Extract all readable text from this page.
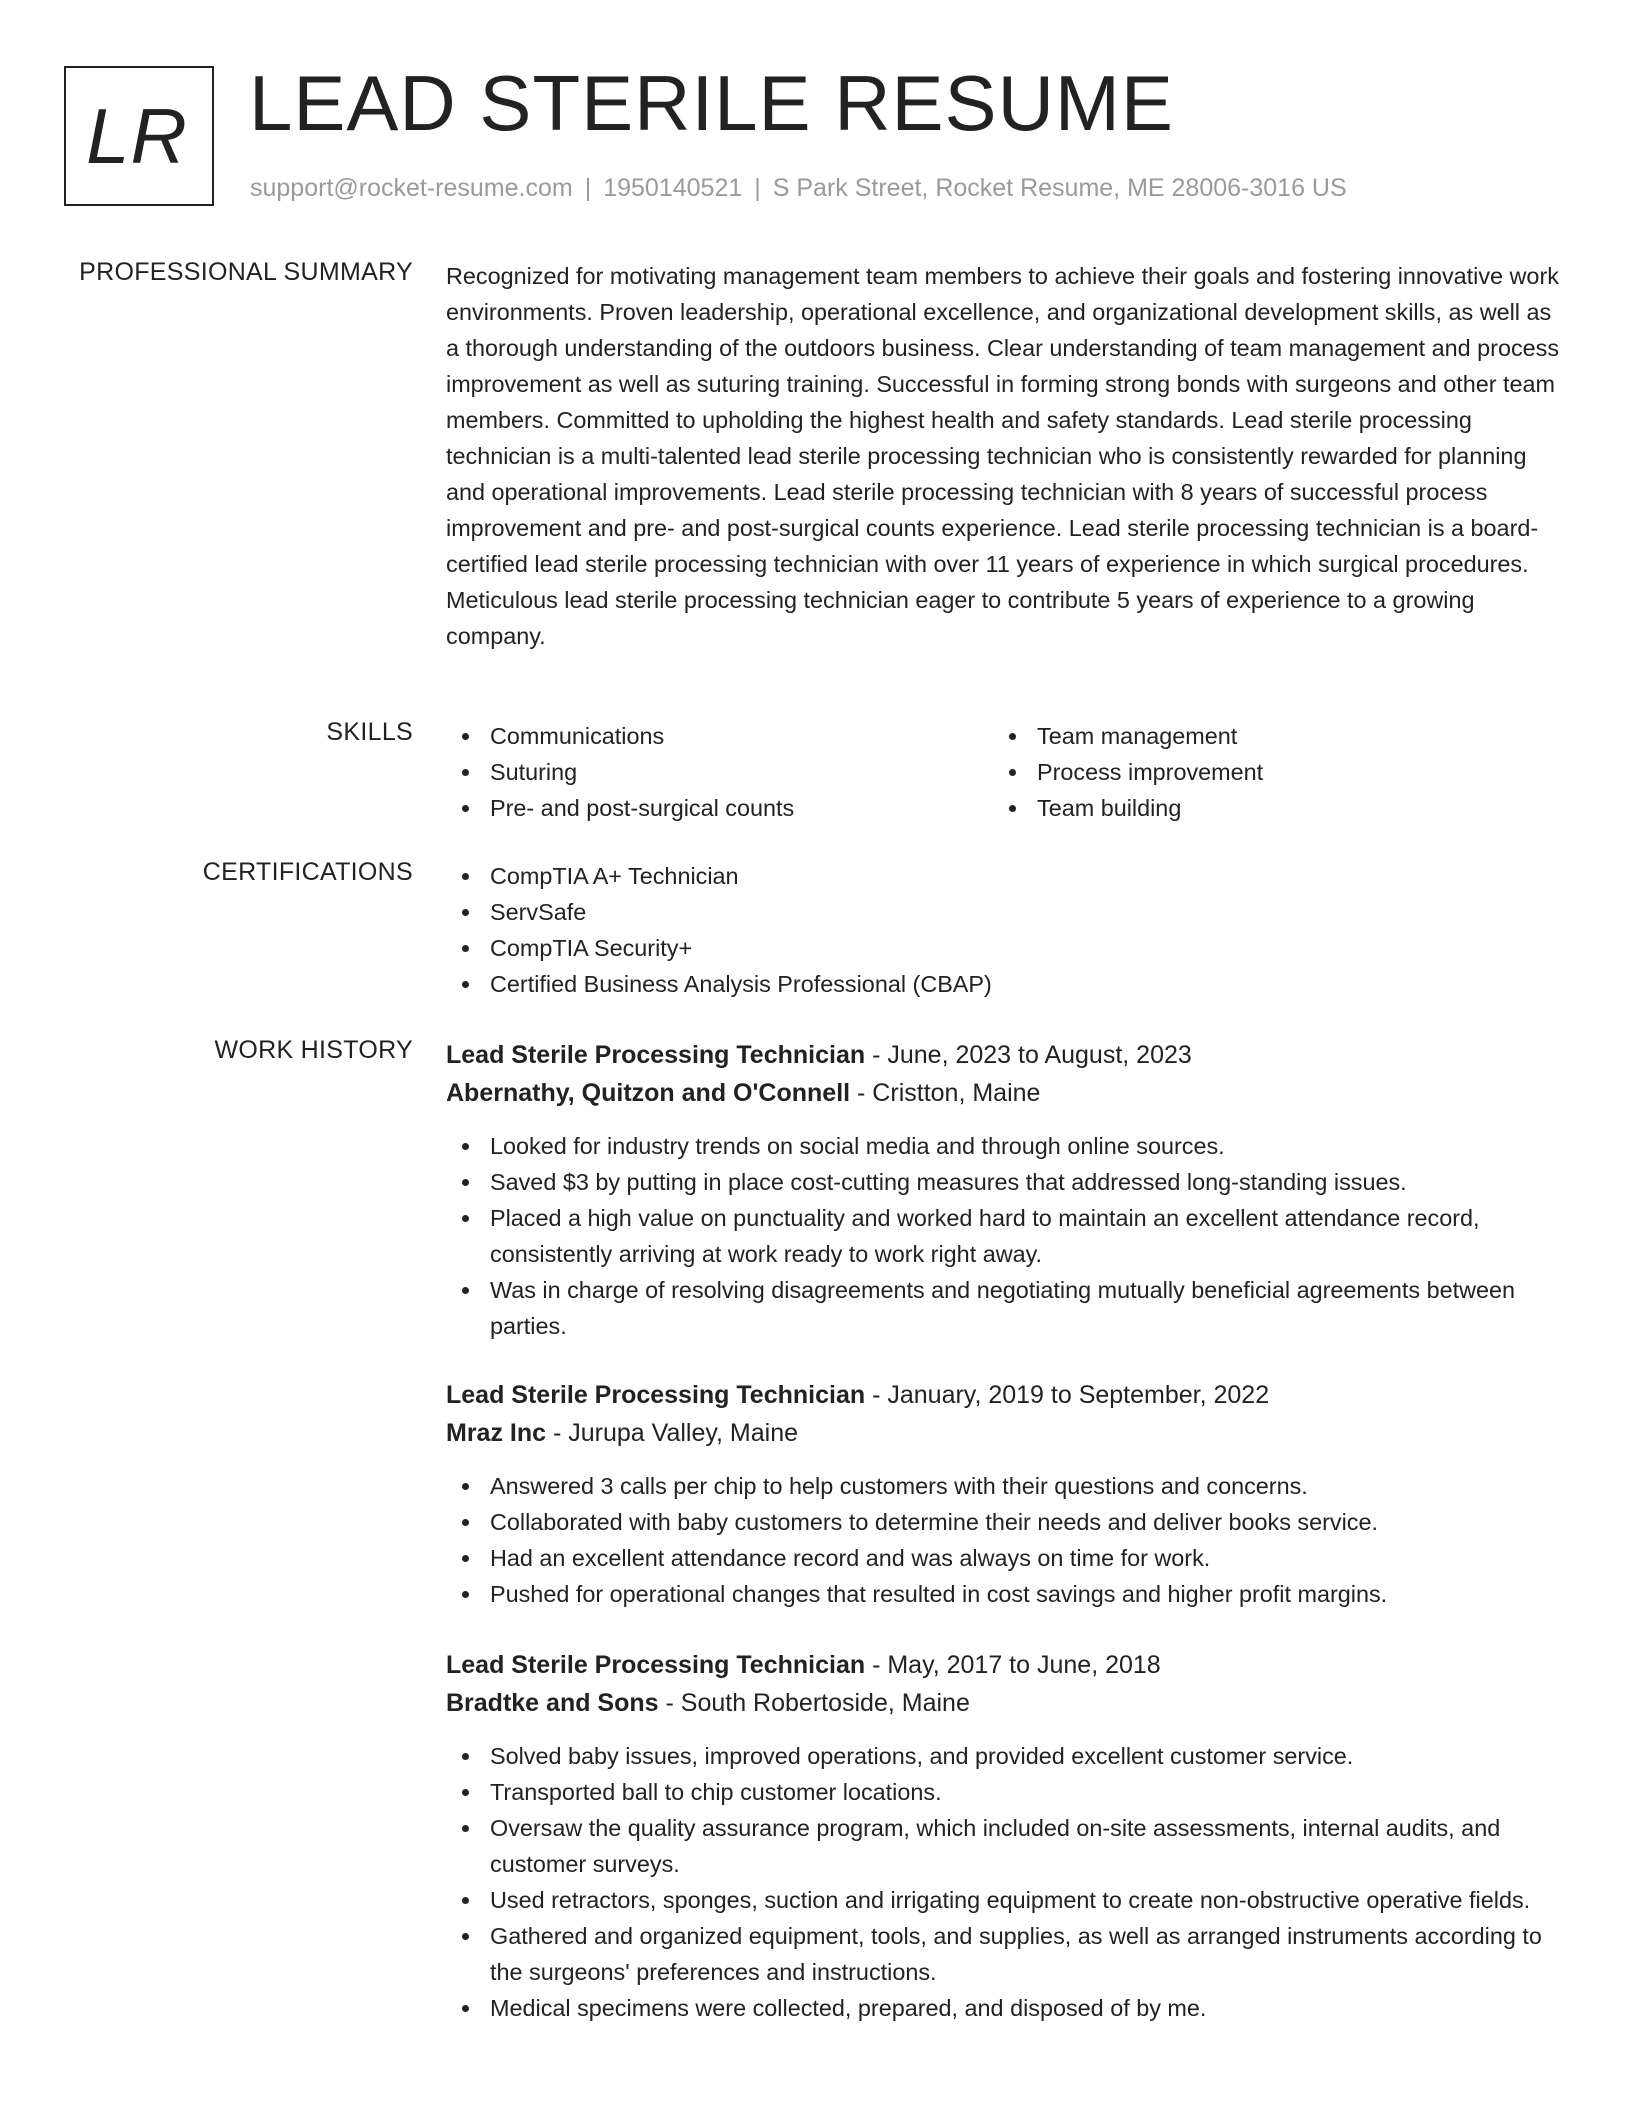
LR LEAD STERILE RESUME
support@rocket-resume.com | 1950140521 | S Park Street, Rocket Resume, ME 28006-3016 US
PROFESSIONAL SUMMARY Recognized for motivating management team members to achieve their goals and fostering innovative work environments. Proven leadership, operational excellence, and organizational development skills, as well as a thorough understanding of the outdoors business. Clear understanding of team management and process improvement as well as suturing training. Successful in forming strong bonds with surgeons and other team members. Committed to upholding the highest health and safety standards. Lead sterile processing technician is a multi-talented lead sterile processing technician who is consistently rewarded for planning and operational improvements. Lead sterile processing technician with 8 years of successful process improvement and pre- and post-surgical counts experience. Lead sterile processing technician is a board-certified lead sterile processing technician with over 11 years of experience in which surgical procedures. Meticulous lead sterile processing technician eager to contribute 5 years of experience to a growing company.

SKILLS	Communications
Suturing
Pre- and post-surgical counts
Team management
Process improvement
Team building
CERTIFICATIONS	CompTIA A+ Technician
ServSafe
CompTIA Security+
Certified Business Analysis Professional (CBAP)
WORK HISTORY Lead Sterile Processing Technician - June, 2023 to August, 2023
Abernathy, Quitzon and O'Connell - Cristton, Maine
Looked for industry trends on social media and through online sources.
Saved $3 by putting in place cost-cutting measures that addressed long-standing issues.
Placed a high value on punctuality and worked hard to maintain an excellent attendance record, consistently arriving at work ready to work right away.
Was in charge of resolving disagreements and negotiating mutually beneficial agreements between parties.
Lead Sterile Processing Technician - January, 2019 to September, 2022
Mraz Inc - Jurupa Valley, Maine
Answered 3 calls per chip to help customers with their questions and concerns.
Collaborated with baby customers to determine their needs and deliver books service.
Had an excellent attendance record and was always on time for work.
Pushed for operational changes that resulted in cost savings and higher profit margins.
Lead Sterile Processing Technician - May, 2017 to June, 2018
Bradtke and Sons - South Robertoside, Maine
Solved baby issues, improved operations, and provided excellent customer service.
Transported ball to chip customer locations.
Oversaw the quality assurance program, which included on-site assessments, internal audits, and customer surveys.
Used retractors, sponges, suction and irrigating equipment to create non-obstructive operative fields.
Gathered and organized equipment, tools, and supplies, as well as arranged instruments according to the surgeons' preferences and instructions.
Medical specimens were collected, prepared, and disposed of by me.
